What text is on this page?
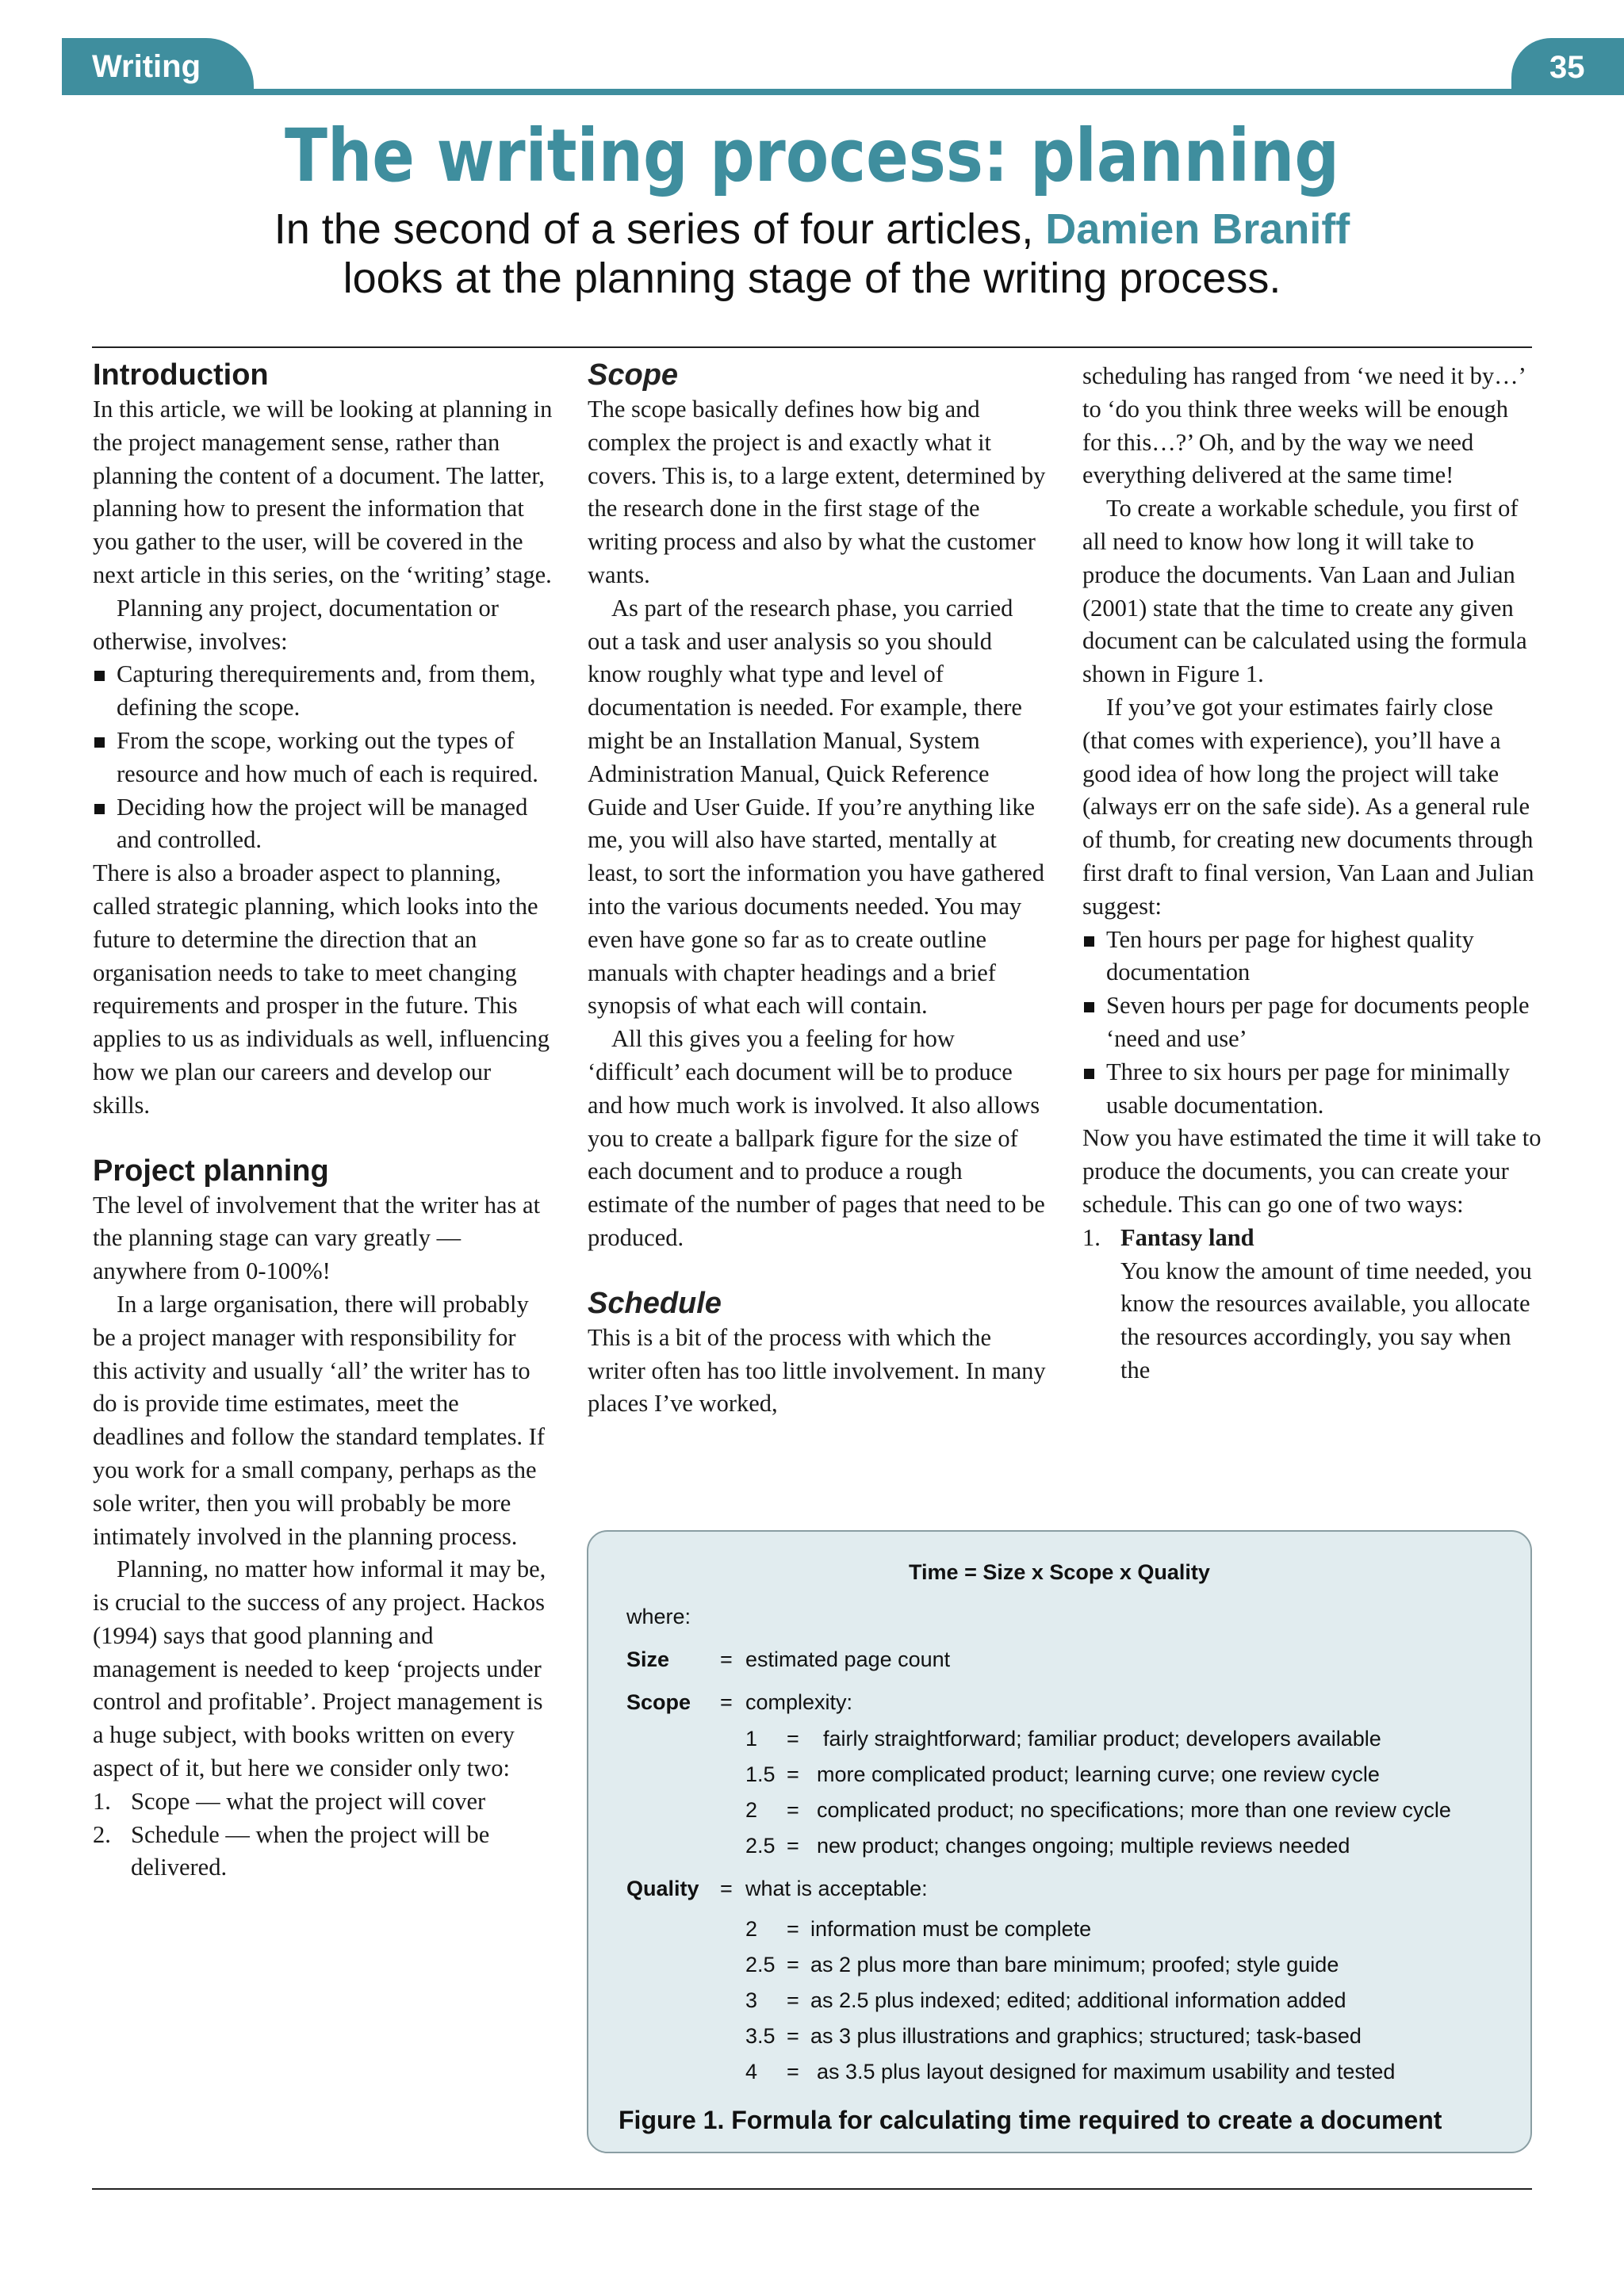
Writing	35
The writing process: planning
In the second of a series of four articles, Damien Braniff
looks at the planning stage of the writing process.
Introduction

In this article, we will be looking at planning in the project management sense, rather than planning the content of a document. The latter, planning how to present the information that you gather to the user, will be covered in the next article in this series, on the ‘writing’ stage.

Planning any project, documentation or otherwise, involves:

Capturing therequirements and, from them, defining the scope.
From the scope, working out the types of resource and how much of each is required.
Deciding how the project will be managed and controlled.

There is also a broader aspect to planning, called strategic planning, which looks into the future to determine the direction that an organisation needs to take to meet changing requirements and prosper in the future. This applies to us as individuals as well, influencing how we plan our careers and develop our skills.

Project planning

The level of involvement that the writer has at the planning stage can vary greatly — anywhere from 0-100%!

In a large organisation, there will probably be a project manager with responsibility for this activity and usually ‘all’ the writer has to do is provide time estimates, meet the deadlines and follow the standard templates. If you work for a small company, perhaps as the sole writer, then you will probably be more intimately involved in the planning process.

Planning, no matter how informal it may be, is crucial to the success of any project. Hackos (1994) says that good planning and management is needed to keep ‘projects under control and profitable’. Project management is a huge subject, with books written on every aspect of it, but here we consider only two:

1. Scope — what the project will cover
2. Schedule — when the project will be delivered.
Scope

The scope basically defines how big and complex the project is and exactly what it covers. This is, to a large extent, determined by the research done in the first stage of the writing process and also by what the customer wants.

As part of the research phase, you carried out a task and user analysis so you should know roughly what type and level of documentation is needed. For example, there might be an Installation Manual, System Administration Manual, Quick Reference Guide and User Guide. If you’re anything like me, you will also have started, mentally at least, to sort the information you have gathered into the various documents needed. You may even have gone so far as to create outline manuals with chapter headings and a brief synopsis of what each will contain.

All this gives you a feeling for how ‘difficult’ each document will be to produce and how much work is involved. It also allows you to create a ballpark figure for the size of each document and to produce a rough estimate of the number of pages that need to be produced.

Schedule

This is a bit of the process with which the writer often has too little involvement. In many places I’ve worked,

scheduling has ranged from ‘we need it by…’ to ‘do you think three weeks will be enough for this…?’ Oh, and by the way we need everything delivered at the same time!

To create a workable schedule, you first of all need to know how long it will take to produce the documents. Van Laan and Julian (2001) state that the time to create any given document can be calculated using the formula shown in Figure 1.

If you’ve got your estimates fairly close (that comes with experience), you’ll have a good idea of how long the project will take (always err on the safe side). As a general rule of thumb, for creating new documents through first draft to final version, Van Laan and Julian suggest:

Ten hours per page for highest quality documentation
Seven hours per page for documents people ‘need and use’
Three to six hours per page for minimally usable documentation.

Now you have estimated the time it will take to produce the documents, you can create your schedule. This can go one of two ways:

1. Fantasy land
You know the amount of time needed, you know the resources available, you allocate the resources accordingly, you say when the
Time = Size x Scope x Quality
where:
Size = estimated page count
Scope = complexity:
1 = fairly straightforward; familiar product; developers available
1.5 = more complicated product; learning curve; one review cycle
2 = complicated product; no specifications; more than one review cycle
2.5 = new product; changes ongoing; multiple reviews needed
Quality = what is acceptable:
2 = information must be complete
2.5 = as 2 plus more than bare minimum; proofed; style guide
3 = as 2.5 plus indexed; edited; additional information added
3.5 = as 3 plus illustrations and graphics; structured; task-based
4 = as 3.5 plus layout designed for maximum usability and tested
Figure 1. Formula for calculating time required to create a document
